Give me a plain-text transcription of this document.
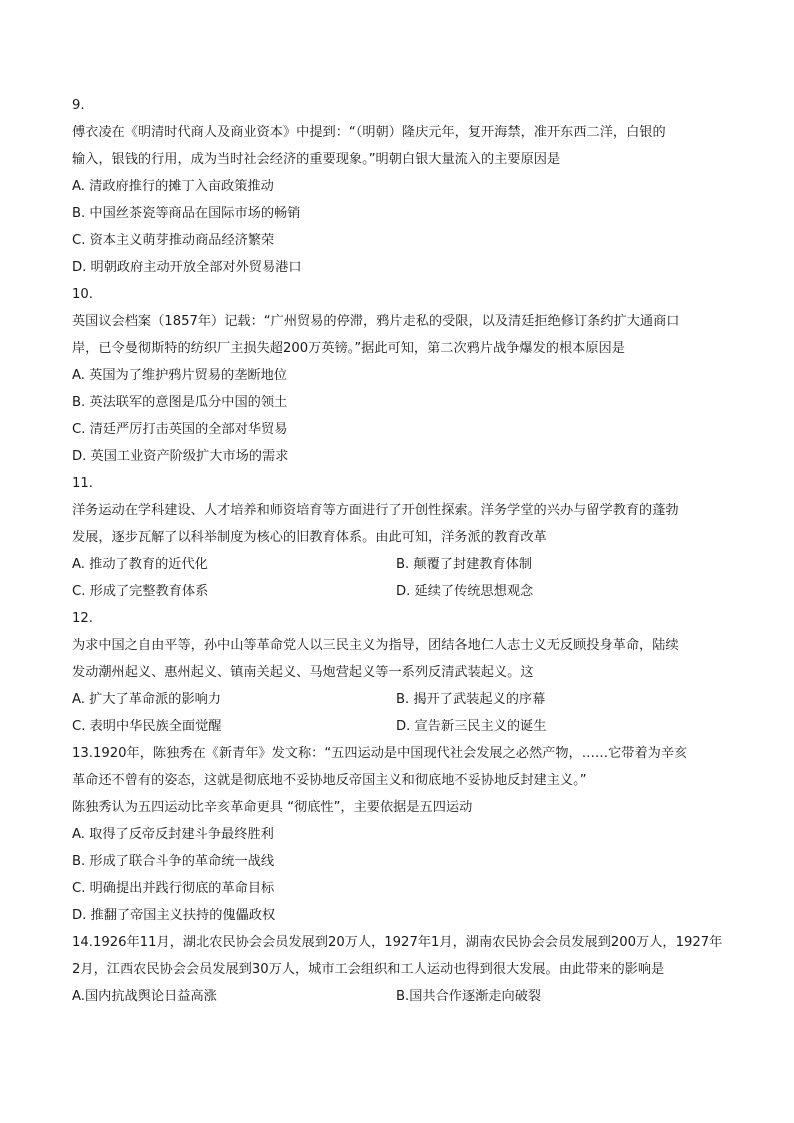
9.
傅衣凌在《明清时代商人及商业资本》中提到：“（明朝）隆庆元年，复开海禁，准开东西二洋，白银的
输入，银钱的行用，成为当时社会经济的重要现象。”明朝白银大量流入的主要原因是
A. 清政府推行的摊丁入亩政策推动
B. 中国丝茶瓷等商品在国际市场的畅销
C. 资本主义萌芽推动商品经济繁荣
D. 明朝政府主动开放全部对外贸易港口
10.
英国议会档案（1857年）记载：“广州贸易的停滞，鸦片走私的受限，以及清廷拒绝修订条约扩大通商口
岸，已令曼彻斯特的纺织厂主损失超200万英镑。”据此可知，第二次鸦片战争爆发的根本原因是
A. 英国为了维护鸦片贸易的垄断地位
B. 英法联军的意图是瓜分中国的领土
C. 清廷严厉打击英国的全部对华贸易
D. 英国工业资产阶级扩大市场的需求
11.
洋务运动在学科建设、人才培养和师资培育等方面进行了开创性探索。洋务学堂的兴办与留学教育的蓬勃
发展，逐步瓦解了以科举制度为核心的旧教育体系。由此可知，洋务派的教育改革
A. 推动了教育的近代化	B. 颠覆了封建教育体制
C. 形成了完整教育体系	D. 延续了传统思想观念
12.
为求中国之自由平等，孙中山等革命党人以三民主义为指导，团结各地仁人志士义无反顾投身革命，陆续
发动潮州起义、惠州起义、镇南关起义、马炮营起义等一系列反清武装起义。这
A. 扩大了革命派的影响力	B. 揭开了武装起义的序幕
C. 表明中华民族全面觉醒	D. 宣告新三民主义的诞生
13.1920年，陈独秀在《新青年》发文称：“五四运动是中国现代社会发展之必然产物，……它带着为辛亥
革命还不曾有的姿态，这就是彻底地不妥协地反帝国主义和彻底地不妥协地反封建主义。”
陈独秀认为五四运动比辛亥革命更具 “彻底性”，主要依据是五四运动
A. 取得了反帝反封建斗争最终胜利
B. 形成了联合斗争的革命统一战线
C. 明确提出并践行彻底的革命目标
D. 推翻了帝国主义扶持的傀儡政权
14.1926年11月，湖北农民协会会员发展到20万人，1927年1月，湖南农民协会会员发展到200万人，1927年
2月，江西农民协会会员发展到30万人，城市工会组织和工人运动也得到很大发展。由此带来的影响是
A.国内抗战舆论日益高涨	B.国共合作逐渐走向破裂
